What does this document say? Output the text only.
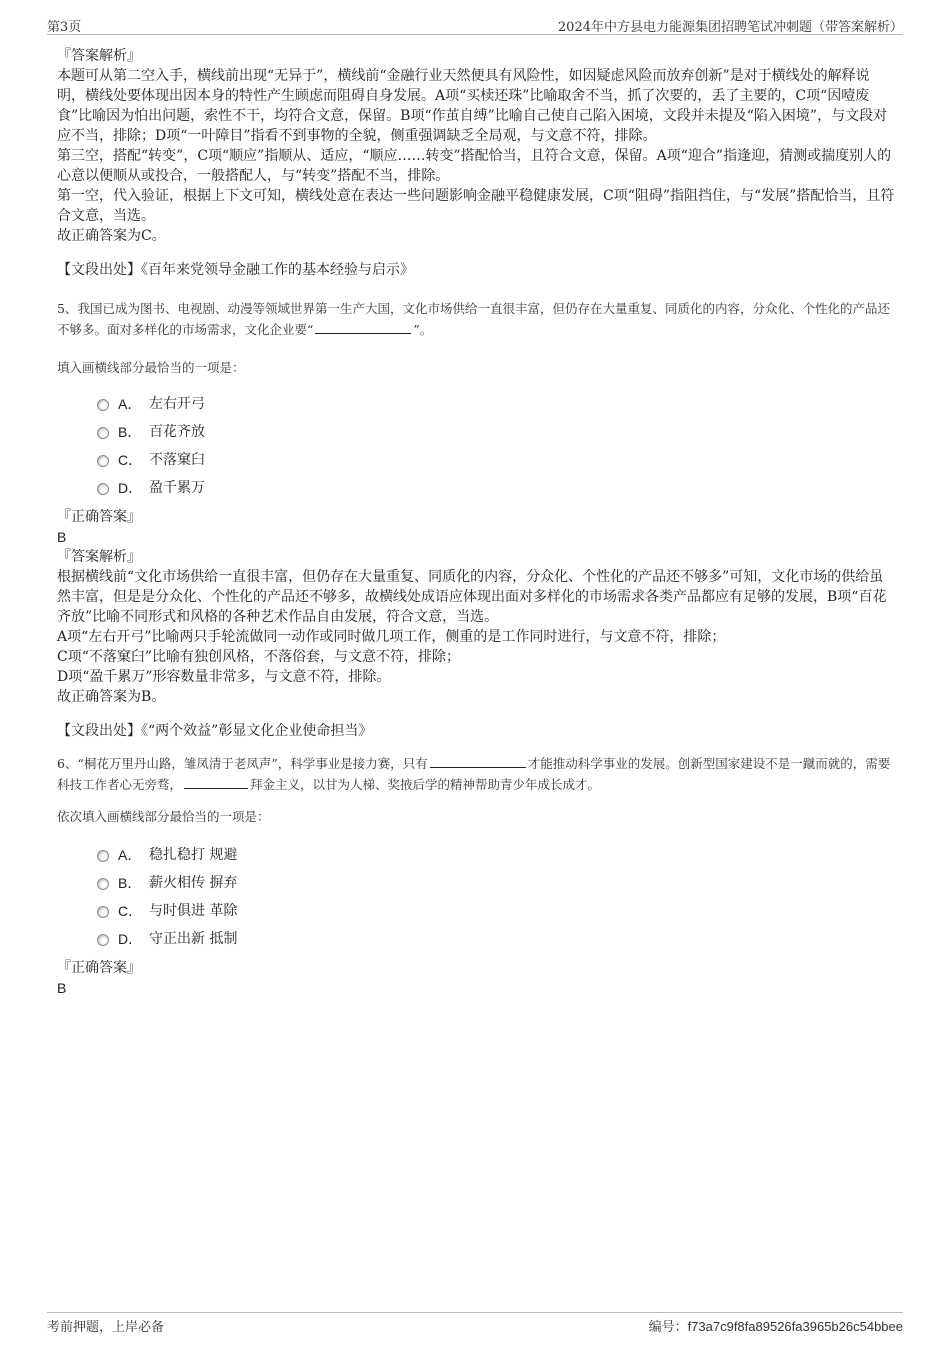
第3页	2024年中方县电力能源集团招聘笔试冲刺题（带答案解析）
『答案解析』

本题可从第二空入手，横线前出现“无异于”，横线前“金融行业天然便具有风险性，如因疑虑风险而放弃创新”是对于横线处的解释说明，横线处要体现出因本身的特性产生顾虑而阻碍自身发展。A项“买椟还珠”比喻取舍不当，抓了次要的，丢了主要的，C项“因噎废食”比喻因为怕出问题，索性不干，均符合文意，保留。B项“作茧自缚”比喻自己使自己陷入困境，文段并未提及“陷入困境”，与文段对应不当，排除；D项“一叶障目”指看不到事物的全貌，侧重强调缺乏全局观，与文意不符，排除。

第三空，搭配“转变”，C项“顺应”指顺从、适应，“顺应……转变”搭配恰当，且符合文意，保留。A项“迎合”指逢迎，猜测或揣度别人的心意以便顺从或投合，一般搭配人，与“转变”搭配不当，排除。

第一空，代入验证，根据上下文可知，横线处意在表达一些问题影响金融平稳健康发展，C项“阻碍”指阻挡住，与“发展”搭配恰当，且符合文意，当选。

故正确答案为C。

【文段出处】《百年来党领导金融工作的基本经验与启示》

5、我国已成为图书、电视剧、动漫等领域世界第一生产大国，文化市场供给一直很丰富，但仍存在大量重复、同质化的内容，分众化、个性化的产品还不够多。面对多样化的市场需求，文化企业要“	”。

填入画横线部分最恰当的一项是：

A． 左右开弓
B． 百花齐放
C． 不落窠臼
D． 盈千累万
『正确答案』
B
『答案解析』

根据横线前“文化市场供给一直很丰富，但仍存在大量重复、同质化的内容，分众化、个性化的产品还不够多”可知，文化市场的供给虽然丰富，但是是分众化、个性化的产品还不够多，故横线处成语应体现出面对多样化的市场需求各类产品都应有足够的发展，B项“百花齐放”比喻不同形式和风格的各种艺术作品自由发展，符合文意，当选。

A项“左右开弓”比喻两只手轮流做同一动作或同时做几项工作，侧重的是工作同时进行，与文意不符，排除；

C项“不落窠臼”比喻有独创风格，不落俗套，与文意不符，排除；

D项“盈千累万”形容数量非常多，与文意不符，排除。

故正确答案为B。

【文段出处】《“两个效益”彰显文化企业使命担当》

6、“桐花万里丹山路，雏凤清于老凤声”，科学事业是接力赛，只有	才能推动科学事业的发展。创新型国家建设不是一蹴而就的，需要科技工作者心无旁骛，	拜金主义，以甘为人梯、奖掖后学的精神帮助青少年成长成才。

依次填入画横线部分最恰当的一项是：

A． 稳扎稳打 规避
B． 薪火相传 摒弃
C． 与时俱进 革除
D． 守正出新 抵制
『正确答案』
B
考前押题，上岸必备	编号：f73a7c9f8fa89526fa3965b26c54bbee
